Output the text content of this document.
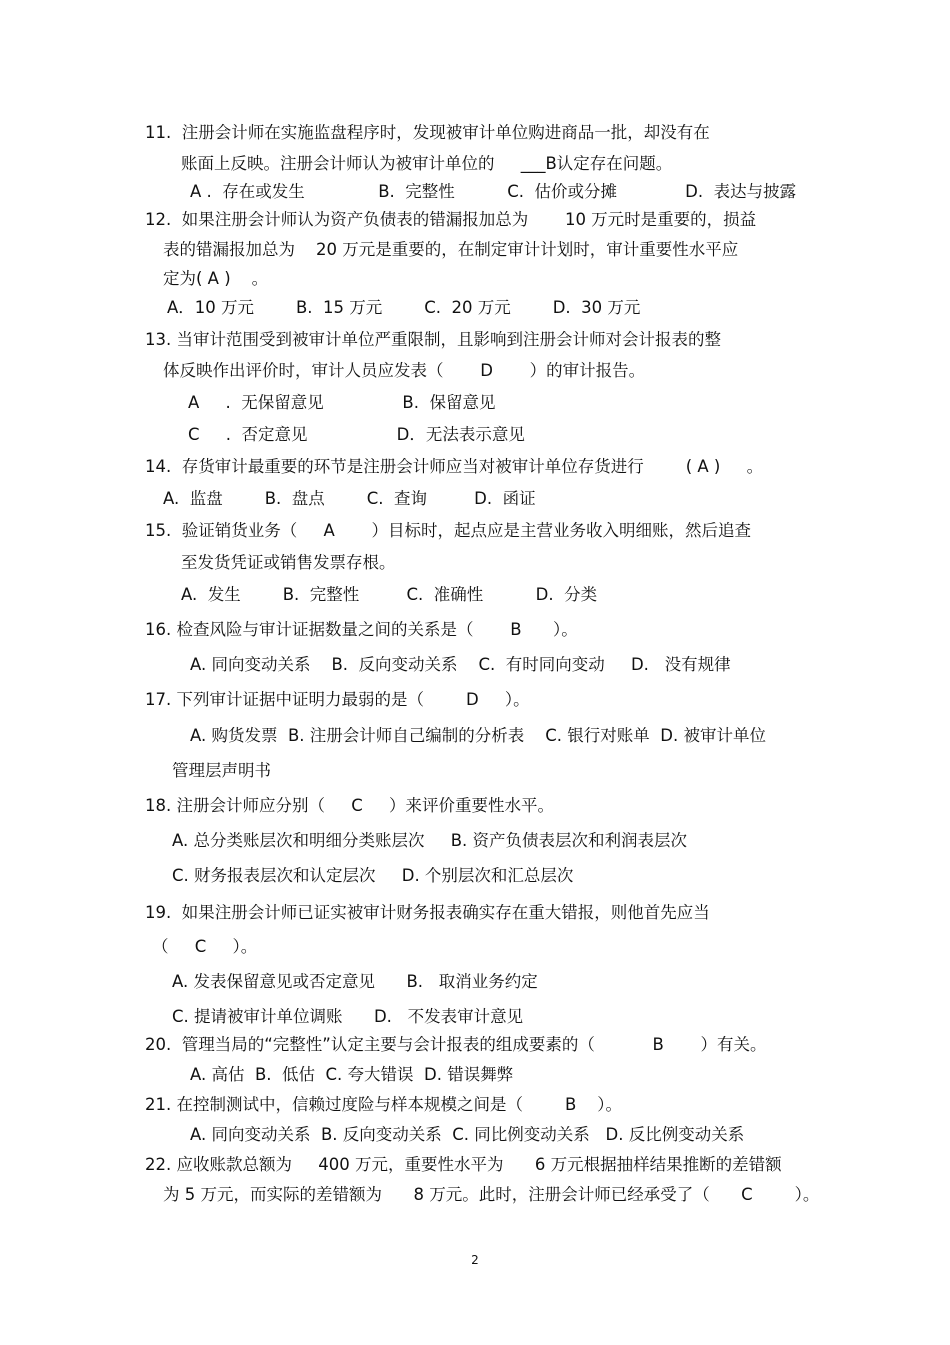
11.  注册会计师在实施监盘程序时，发现被审计单位购进商品一批，却没有在

账面上反映。注册会计师认为被审计单位的     ___B认定存在问题。

A .  存在或发生              B.  完整性          C.  估价或分摊             D.  表达与披露

12.  如果注册会计师认为资产负债表的错漏报加总为       10 万元时是重要的，损益

表的错漏报加总为    20 万元是重要的，在制定审计计划时，审计重要性水平应

定为( A )    。

A．10 万元        B.  15 万元        C.  20 万元        D.  30 万元

13. 当审计范围受到被审计单位严重限制，且影响到注册会计师对会计报表的整

体反映作出评价时，审计人员应发表（       D       ）的审计报告。

A     .  无保留意见               B.  保留意见

C     .  否定意见                 D．无法表示意见

14.  存货审计最重要的环节是注册会计师应当对被审计单位存货进行        ( A )     。

A.  监盘        B.  盘点        C.  查询         D.  函证

15.  验证销货业务（     A       ）目标时，起点应是主营业务收入明细账，然后追查

至发货凭证或销售发票存根。

A.  发生        B.  完整性         C.  准确性          D.  分类

16. 检查风险与审计证据数量之间的关系是（       B      ）。

A. 同向变动关系    B.  反向变动关系    C.  有时同向变动     D.   没有规律

17. 下列审计证据中证明力最弱的是（        D     ）。

A. 购货发票  B. 注册会计师自己编制的分析表    C. 银行对账单  D. 被审计单位

管理层声明书

18. 注册会计师应分别（     C     ）来评价重要性水平。

A. 总分类账层次和明细分类账层次     B. 资产负债表层次和利润表层次

C. 财务报表层次和认定层次     D. 个别层次和汇总层次

19.  如果注册会计师已证实被审计财务报表确实存在重大错报，则他首先应当

（     C     ）。

A. 发表保留意见或否定意见      B.   取消业务约定

C. 提请被审计单位调账      D.   不发表审计意见

20.  管理当局的“完整性”认定主要与会计报表的组成要素的（           B       ）有关。

A. 高估  B.  低估  C. 夸大错误  D. 错误舞弊

21. 在控制测试中，信赖过度险与样本规模之间是（        B    ）。

A. 同向变动关系  B. 反向变动关系  C. 同比例变动关系   D. 反比例变动关系

22. 应收账款总额为     400 万元，重要性水平为      6 万元根据抽样结果推断的差错额

为 5 万元，而实际的差错额为      8 万元。此时，注册会计师已经承受了（      C        ）。

2
